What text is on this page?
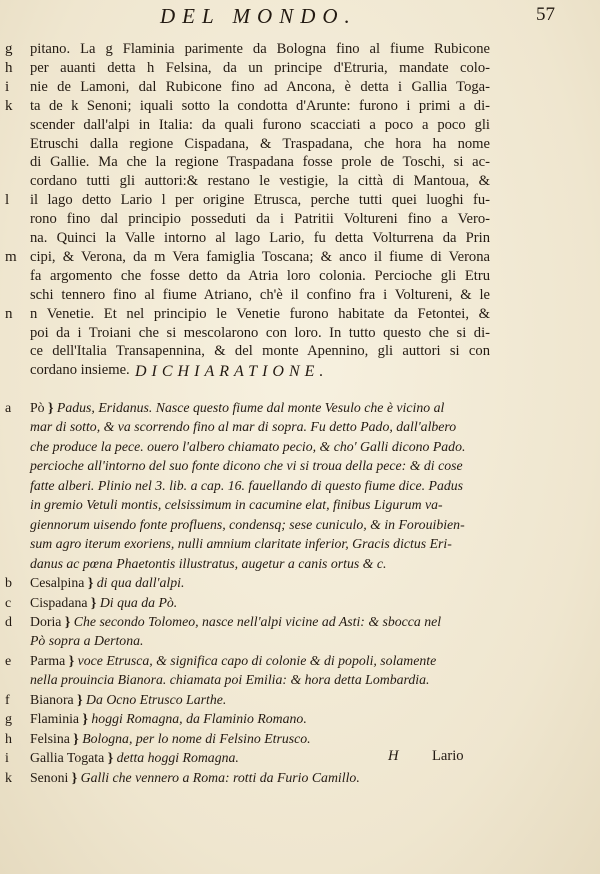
DEL MONDO.	57
g	pitano. La g Flaminia parimente da Bologna fino al fiume Rubicone
h	per auanti detta h Felsina, da un principe d'Etruria, mandate colo-
i	nie de Lamoni, dal Rubicone fino ad Ancona, è detta i Gallia Toga-
k	ta de k Senoni; iquali sotto la condotta d'Arunte: furono i primi a di-
scender dall'alpi in Italia: da quali furono scacciati a poco a poco gli
Etruschi dalla regione Cispadana, & Traspadana, che hora ha nome
di Gallie. Ma che la regione Traspadana fosse prole de Toschi, si ac-
cordano tutti gli auttori:& restano le vestigie, la città di Mantoua, &
l	il lago detto Lario l per origine Etrusca, perche tutti quei luoghi fu-
rono fino dal principio posseduti da i Patritii Voltureni fino a Vero-
na. Quinci la Valle intorno al lago Lario, fu detta Volturrena da Prin
m cipi, & Verona, da m Vera famiglia Toscana; & anco il fiume di Verona
fa argomento che fosse detto da Atria loro colonia. Percioche gli Etru
schi tennero fino al fiume Atriano, ch'è il confino fra i Voltureni, & le
n	n Venetie. Et nel principio le Venetie furono habitate da Fetontei, &
poi da i Troiani che si mescolarono con loro. In tutto questo che si di-
ce dell'Italia Transapennina, & del monte Apennino, gli auttori si con
cordano insieme. DICHIARATIONE.
a	Pò } Padus, Eridanus. Nasce questo fiume dal monte Vesulo che è vicino al
mar di sotto, & va scorrendo fino al mar di sopra. Fu detto Pado, dall'albero
che produce la pece. ouero l'albero chiamato pecio, & cho' Galli dicono Pado.
percioche all'intorno del suo fonte dicono che vi si troua della pece: & di cose
fatte alberi. Plinio nel 3. lib. a cap. 16. fauellando di questo fiume dice. Padus
in gremio Vetuli montis, celsissimum in cacumine elat, finibus Ligurum va-
giennorum uisendo fonte profluens, condensq; sese cuniculo, & in Forouibien-
sum agro iterum exoriens, nulli amnium claritate inferior, Gracis dictus Eri-
danus ac pœna Phaetontis illustratus, augetur a canis ortus & c.
b	Cesalpina } di qua dall'alpi.
c	Cispadana } Di qua da Pò.
d	Doria } Che secondo Tolomeo, nasce nell'alpi vicine ad Asti: & sbocca nel
Pò sopra a Dertona.
e	Parma } voce Etrusca, & significa capo di colonie & di popoli, solamente
nella prouincia Bianora. chiamata poi Emilia: & hora detta Lombardia.
f	Bianora } Da Ocno Etrusco Larthe.
g	Flaminia } hoggi Romagna, da Flaminio Romano.
h	Felsina } Bologna, per lo nome di Felsino Etrusco.
i	Gallia Togata } detta hoggi Romagna.
k	Senoni } Galli che vennero a Roma: rotti da Furio Camillo.
H Lario
